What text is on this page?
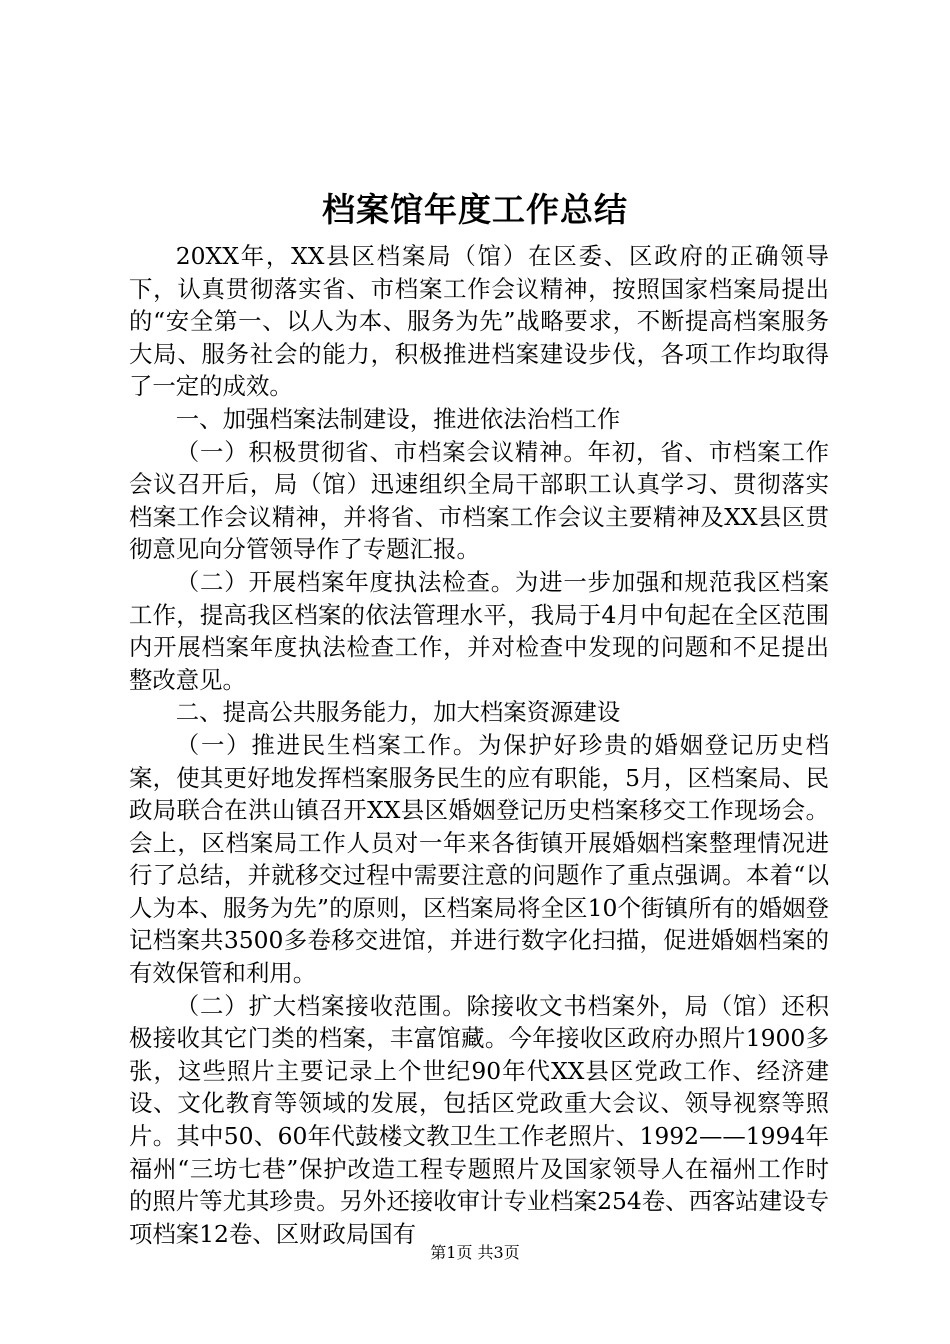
档案馆年度工作总结

20XX年，XX县区档案局（馆）在区委、区政府的正确领导下，认真贯彻落实省、市档案工作会议精神，按照国家档案局提出的“安全第一、以人为本、服务为先”战略要求，不断提高档案服务大局、服务社会的能力，积极推进档案建设步伐，各项工作均取得了一定的成效。

一、加强档案法制建设，推进依法治档工作

（一）积极贯彻省、市档案会议精神。年初，省、市档案工作会议召开后，局（馆）迅速组织全局干部职工认真学习、贯彻落实档案工作会议精神，并将省、市档案工作会议主要精神及XX县区贯彻意见向分管领导作了专题汇报。

（二）开展档案年度执法检查。为进一步加强和规范我区档案工作，提高我区档案的依法管理水平，我局于4月中旬起在全区范围内开展档案年度执法检查工作，并对检查中发现的问题和不足提出整改意见。

二、提高公共服务能力，加大档案资源建设

（一）推进民生档案工作。为保护好珍贵的婚姻登记历史档案，使其更好地发挥档案服务民生的应有职能，5月，区档案局、民政局联合在洪山镇召开XX县区婚姻登记历史档案移交工作现场会。会上，区档案局工作人员对一年来各街镇开展婚姻档案整理情况进行了总结，并就移交过程中需要注意的问题作了重点强调。本着“以人为本、服务为先”的原则，区档案局将全区10个街镇所有的婚姻登记档案共3500多卷移交进馆，并进行数字化扫描，促进婚姻档案的有效保管和利用。

（二）扩大档案接收范围。除接收文书档案外，局（馆）还积极接收其它门类的档案，丰富馆藏。今年接收区政府办照片1900多张，这些照片主要记录上个世纪90年代XX县区党政工作、经济建设、文化教育等领域的发展，包括区党政重大会议、领导视察等照片。其中50、60年代鼓楼文教卫生工作老照片、1992——1994年福州“三坊七巷”保护改造工程专题照片及国家领导人在福州工作时的照片等尤其珍贵。另外还接收审计专业档案254卷、西客站建设专项档案12卷、区财政局国有

第1页 共3页
